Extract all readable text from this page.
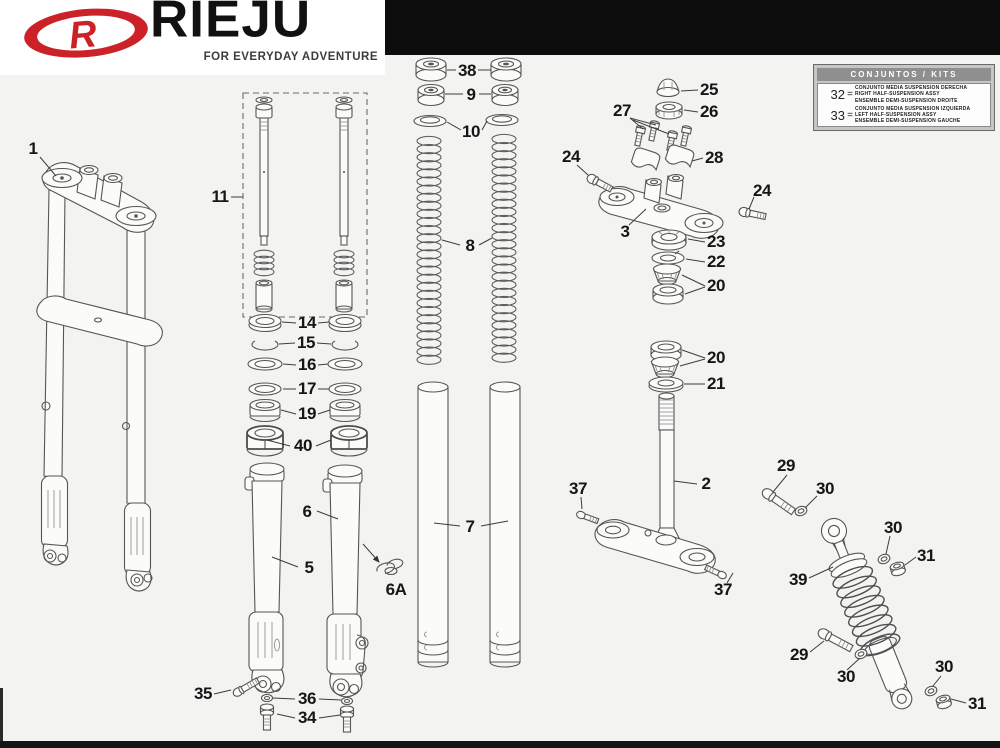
R RIEJU
FOR EVERYDAY ADVENTURE
CONJUNTOS / KITS
32 =
CONJUNTO MEDIA SUSPENSION DERECHA
RIGHT HALF-SUSPENSION ASSY
ENSEMBLE DEMI-SUSPENSION DROITE
33 =
CONJUNTO MEDIA SUSPENSION IZQUIERDA
LEFT HALF-SUSPENSION ASSY
ENSEMBLE DEMI-SUSPENSION GAUCHE
1
11
38
9
10
8
7
14
15
16
17
19
40
6
5
6A
35	36
34
25
26
27
28
24
24
3
23
22
20
20
21
2
37
37
29
30
30
31
39
29
30
30
31
